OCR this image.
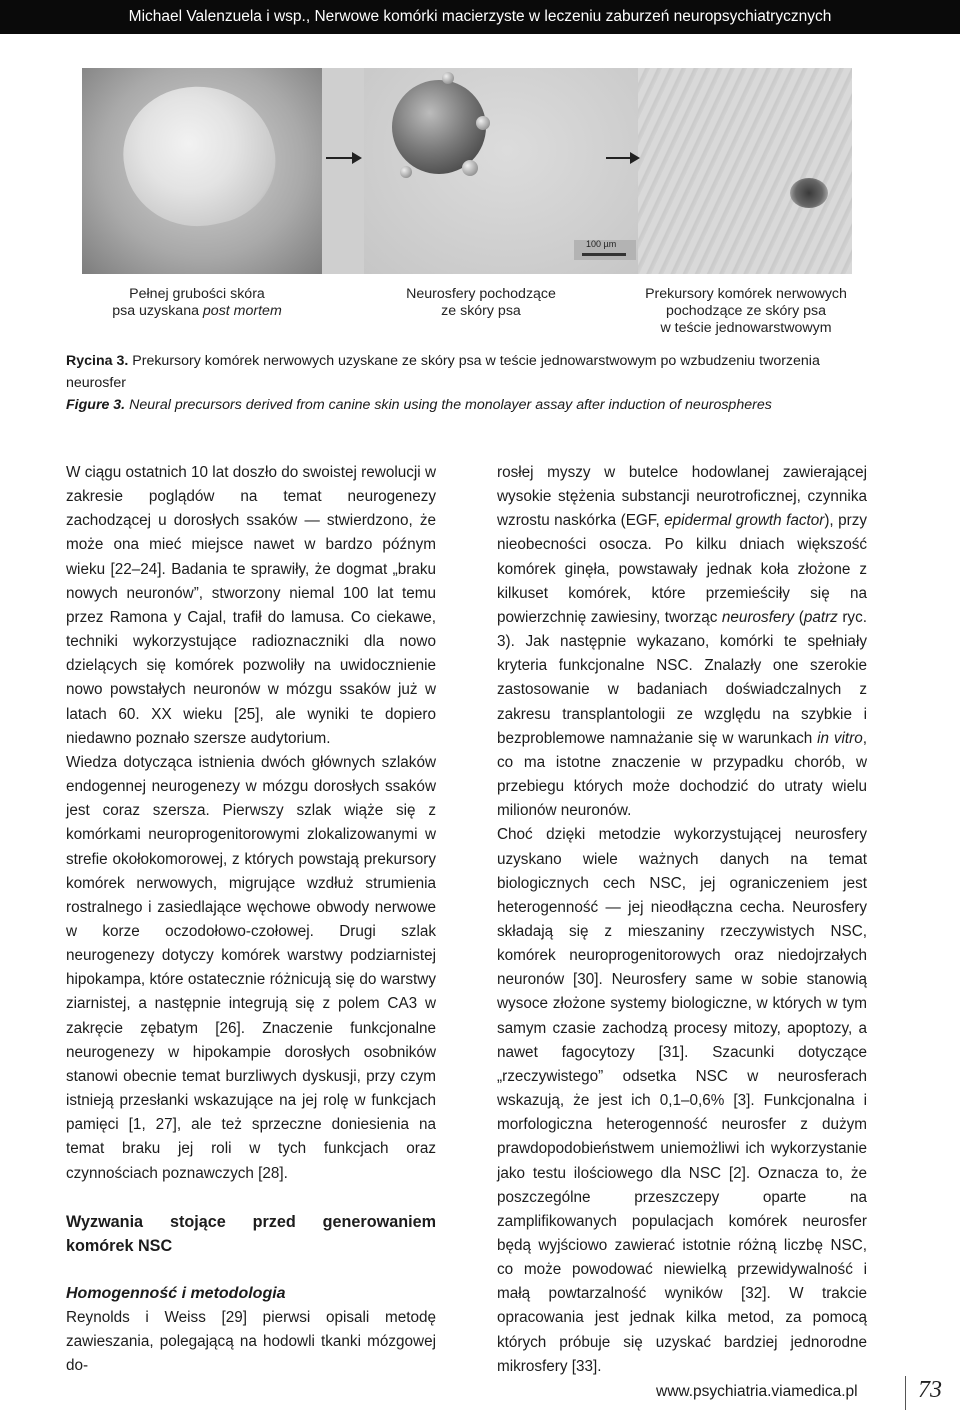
Michael Valenzuela i wsp., Nerwowe komórki macierzyste w leczeniu zaburzeń neuropsychiatrycznych
100 µm
Pełnej grubości skóra
psa uzyskana post mortem
Neurosfery pochodzące
ze skóry psa
Prekursory komórek nerwowych
pochodzące ze skóry psa
w teście jednowarstwowym
Rycina 3. Prekursory komórek nerwowych uzyskane ze skóry psa w teście jednowarstwowym po wzbudzeniu tworzenia neurosfer
Figure 3. Neural precursors derived from canine skin using the monolayer assay after induction of neurospheres

W ciągu ostatnich 10 lat doszło do swoistej rewolucji w zakresie poglądów na temat neurogenezy zachodzącej u dorosłych ssaków — stwierdzono, że może ona mieć miejsce nawet w bardzo późnym wieku [22–24]. Badania te sprawiły, że dogmat „braku nowych neuronów”, stworzony niemal 100 lat temu przez Ramona y Cajal, trafił do lamusa. Co ciekawe, techniki wykorzystujące radioznaczniki dla nowo dzielących się komórek pozwoliły na uwidocznienie nowo powstałych neuronów w mózgu ssaków już w latach 60. XX wieku [25], ale wyniki te dopiero niedawno poznało szersze audytorium.

Wiedza dotycząca istnienia dwóch głównych szlaków endogennej neurogenezy w mózgu dorosłych ssaków jest coraz szersza. Pierwszy szlak wiąże się z komórkami neuroprogenitorowymi zlokalizowanymi w strefie okołokomorowej, z których powstają prekursory komórek nerwowych, migrujące wzdłuż strumienia rostralnego i zasiedlające węchowe obwody nerwowe w korze oczodołowo-czołowej. Drugi szlak neurogenezy dotyczy komórek warstwy podziarnistej hipokampa, które ostatecznie różnicują się do warstwy ziarnistej, a następnie integrują się z polem CA3 w zakręcie zębatym [26]. Znaczenie funkcjonalne neurogenezy w hipokampie dorosłych osobników stanowi obecnie temat burzliwych dyskusji, przy czym istnieją przesłanki wskazujące na jej rolę w funkcjach pamięci [1, 27], ale też sprzeczne doniesienia na temat braku jej roli w tych funkcjach oraz czynnościach poznawczych [28].

Wyzwania stojące przed generowaniem komórek NSC

Homogenność i metodologia

Reynolds i Weiss [29] pierwsi opisali metodę zawieszania, polegającą na hodowli tkanki mózgowej do-

rosłej myszy w butelce hodowlanej zawierającej wysokie stężenia substancji neurotroficznej, czynnika wzrostu naskórka (EGF, epidermal growth factor), przy nieobecności osocza. Po kilku dniach większość komórek ginęła, powstawały jednak koła złożone z kilkuset komórek, które przemieściły się na powierzchnię zawiesiny, tworząc neurosfery (patrz ryc. 3). Jak następnie wykazano, komórki te spełniały kryteria funkcjonalne NSC. Znalazły one szerokie zastosowanie w badaniach doświadczalnych z zakresu transplantologii ze względu na szybkie i bezproblemowe namnażanie się w warunkach in vitro, co ma istotne znaczenie w przypadku chorób, w przebiegu których może dochodzić do utraty wielu milionów neuronów.

Choć dzięki metodzie wykorzystującej neurosfery uzyskano wiele ważnych danych na temat biologicznych cech NSC, jej ograniczeniem jest heterogenność — jej nieodłączna cecha. Neurosfery składają się z mieszaniny rzeczywistych NSC, komórek neuroprogenitorowych oraz niedojrzałych neuronów [30]. Neurosfery same w sobie stanowią wysoce złożone systemy biologiczne, w których w tym samym czasie zachodzą procesy mitozy, apoptozy, a nawet fagocytozy [31]. Szacunki dotyczące „rzeczywistego” odsetka NSC w neurosferach wskazują, że jest ich 0,1–0,6% [3]. Funkcjonalna i morfologiczna heterogenność neurosfer z dużym prawdopodobieństwem uniemożliwi ich wykorzystanie jako testu ilościowego dla NSC [2]. Oznacza to, że poszczególne przeszczepy oparte na zamplifikowanych populacjach komórek neurosfer będą wyjściowo zawierać istotnie różną liczbę NSC, co może powodować niewielką przewidywalność i małą powtarzalność wyników [32]. W trakcie opracowania jest jednak kilka metod, za pomocą których próbuje się uzyskać bardziej jednorodne mikrosfery [33].

www.psychiatria.viamedica.pl	73
